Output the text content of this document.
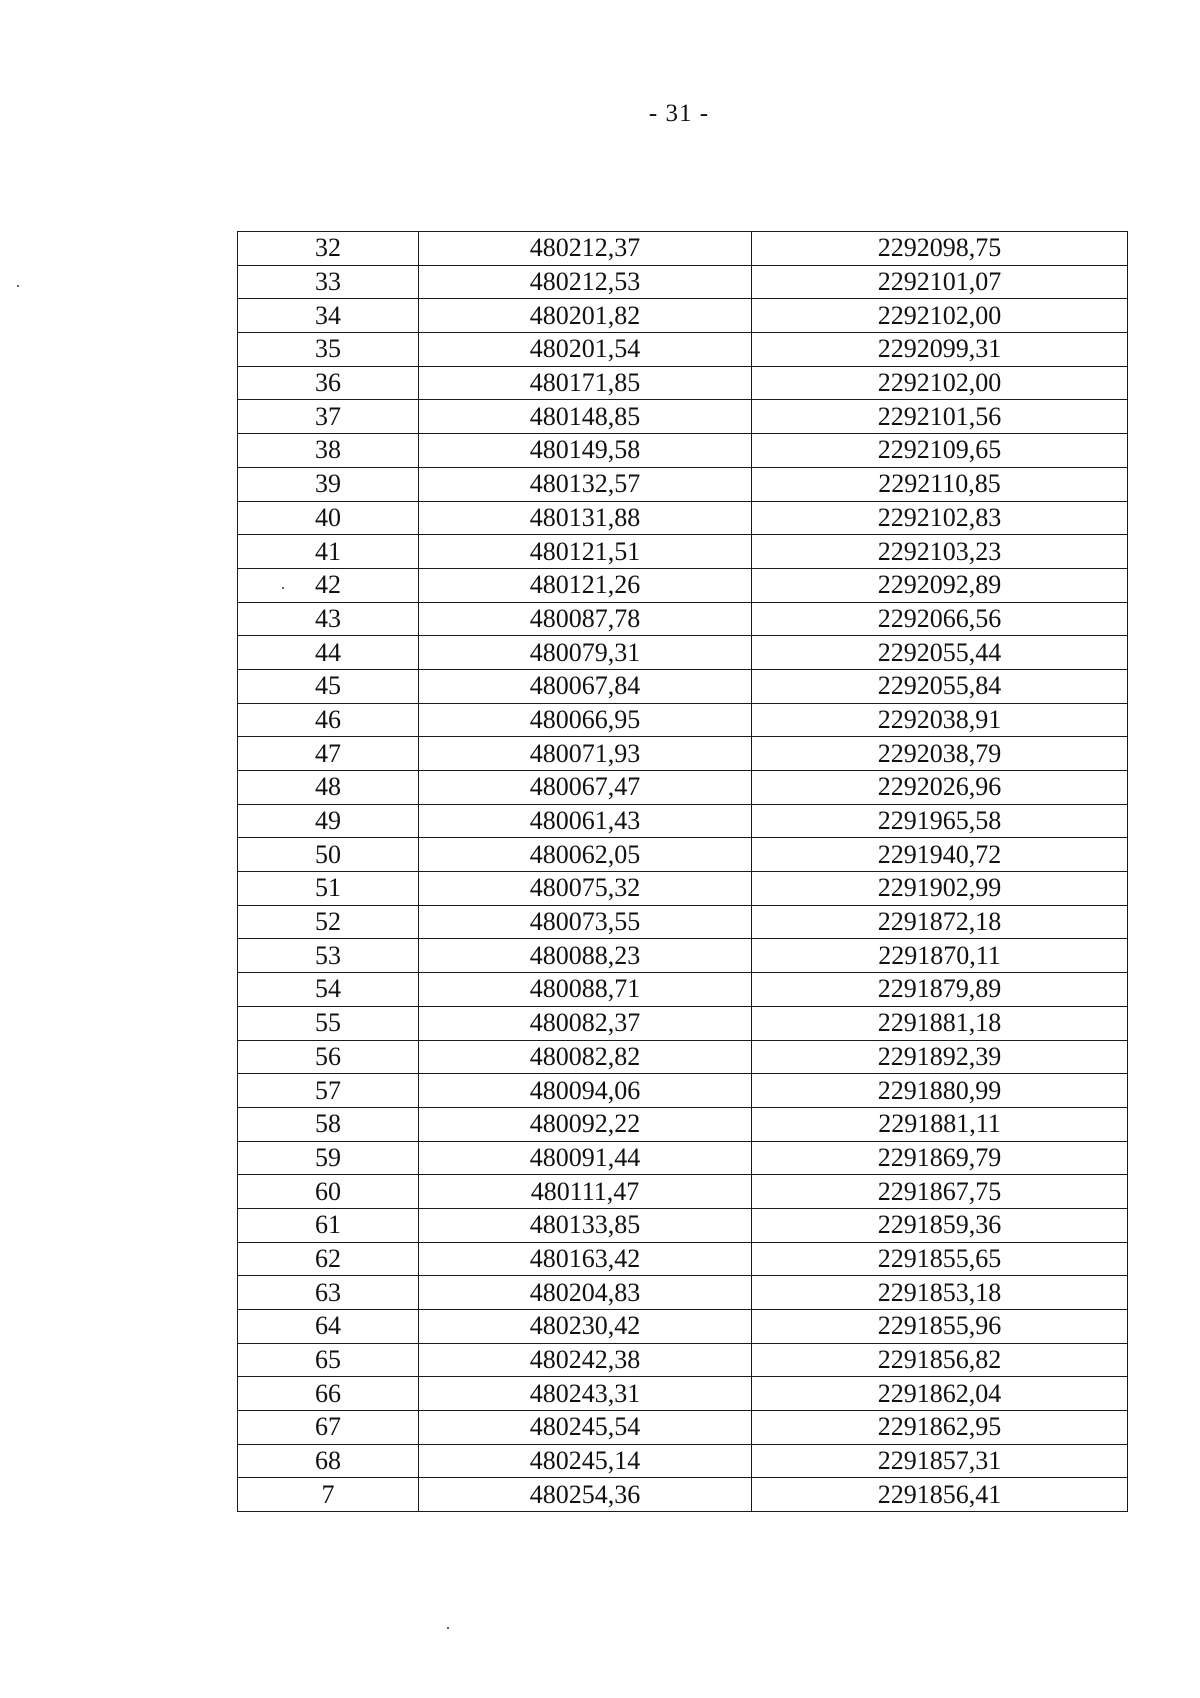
- 31 -
32	480212,37	2292098,75
33	480212,53	2292101,07
34	480201,82	2292102,00
35	480201,54	2292099,31
36	480171,85	2292102,00
37	480148,85	2292101,56
38	480149,58	2292109,65
39	480132,57	2292110,85
40	480131,88	2292102,83
41	480121,51	2292103,23
42	480121,26	2292092,89
43	480087,78	2292066,56
44	480079,31	2292055,44
45	480067,84	2292055,84
46	480066,95	2292038,91
47	480071,93	2292038,79
48	480067,47	2292026,96
49	480061,43	2291965,58
50	480062,05	2291940,72
51	480075,32	2291902,99
52	480073,55	2291872,18
53	480088,23	2291870,11
54	480088,71	2291879,89
55	480082,37	2291881,18
56	480082,82	2291892,39
57	480094,06	2291880,99
58	480092,22	2291881,11
59	480091,44	2291869,79
60	480111,47	2291867,75
61	480133,85	2291859,36
62	480163,42	2291855,65
63	480204,83	2291853,18
64	480230,42	2291855,96
65	480242,38	2291856,82
66	480243,31	2291862,04
67	480245,54	2291862,95
68	480245,14	2291857,31
7	480254,36	2291856,41
